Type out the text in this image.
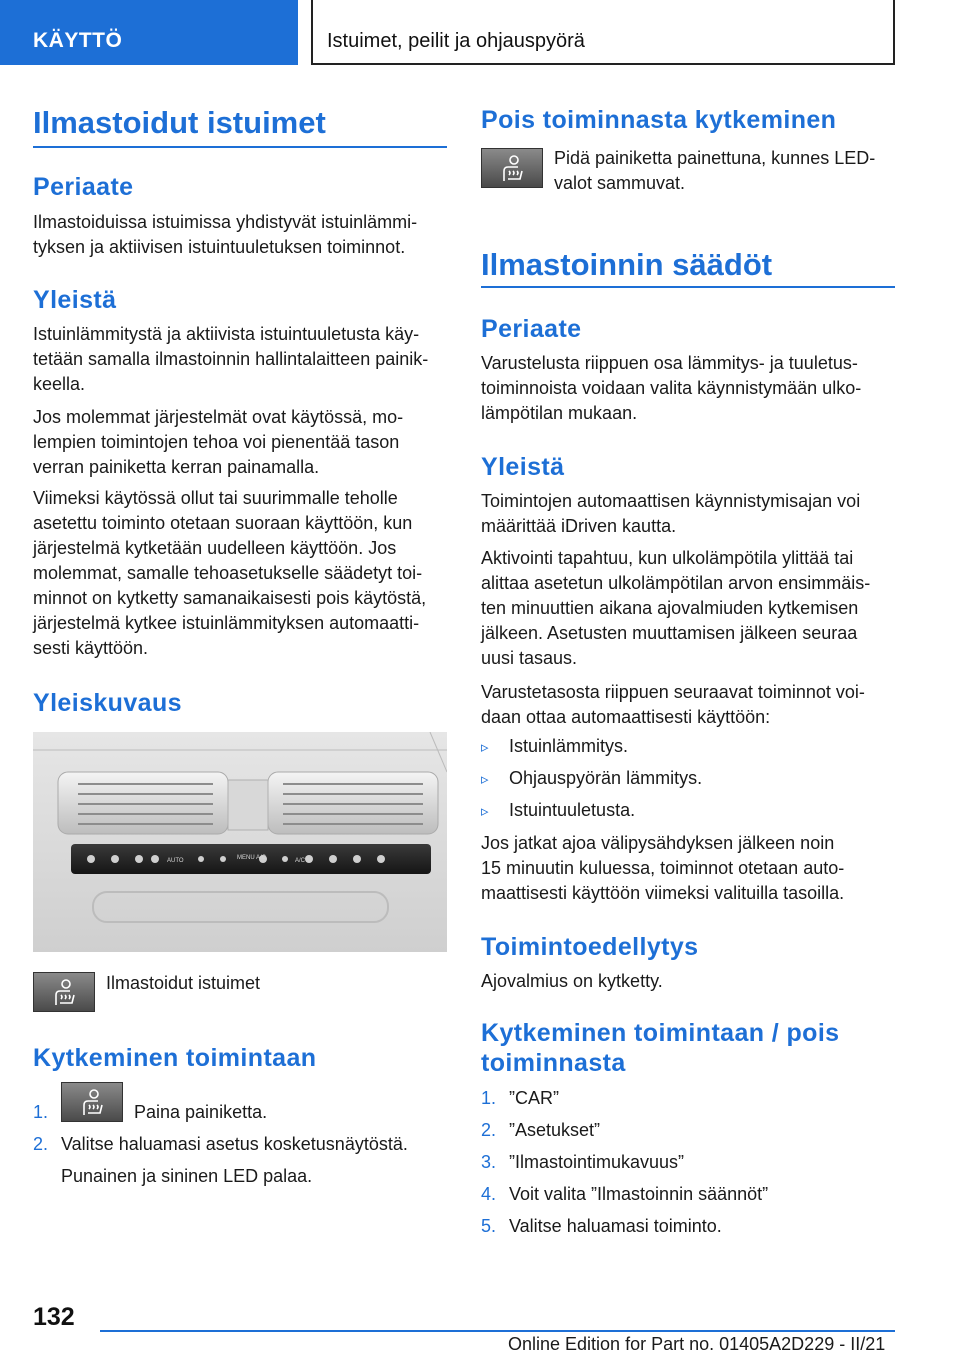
KÄYTTÖ	Istuimet, peilit ja ohjauspyörä
Ilmastoidut istuimet
Periaate
Ilmastoiduissa istuimissa yhdistyvät istuinlämmi‐
tyksen ja aktiivisen istuintuuletuksen toiminnot.
Yleistä
Istuinlämmitystä ja aktiivista istuintuuletusta käy‐
tetään samalla ilmastoinnin hallintalaitteen painik‐
keella.
Jos molemmat järjestelmät ovat käytössä, mo‐
lempien toimintojen tehoa voi pienentää tason
verran painiketta kerran painamalla.
Viimeksi käytössä ollut tai suurimmalle teholle
asetettu toiminto otetaan suoraan käyttöön, kun
järjestelmä kytketään uudelleen käyttöön. Jos
molemmat, samalle tehoasetukselle säädetyt toi‐
minnot on kytketty samanaikaisesti pois käytöstä,
järjestelmä kytkee istuinlämmityksen automaatti‐
sesti käyttöön.
Yleiskuvaus
AUTO	MENU A/C	A/C
Ilmastoidut istuimet
Kytkeminen toimintaan
1.	Paina painiketta.
2. Valitse haluamasi asetus kosketusnäytöstä.
Punainen ja sininen LED palaa.
Pois toiminnasta kytkeminen
Pidä painiketta painettuna, kunnes LED-
valot sammuvat.
Ilmastoinnin säädöt
Periaate
Varustelusta riippuen osa lämmitys- ja tuuletus-
toiminnoista voidaan valita käynnistymään ulko-
lämpötilan mukaan.
Yleistä
Toimintojen automaattisen käynnistymisajan voi
määrittää iDriven kautta.
Aktivointi tapahtuu, kun ulkolämpötila ylittää tai
alittaa asetetun ulkolämpötilan arvon ensimmäis‐
ten minuuttien aikana ajovalmiuden kytkemisen
jälkeen. Asetusten muuttamisen jälkeen seuraa
uusi tasaus.
Varustetasosta riippuen seuraavat toiminnot voi‐
daan ottaa automaattisesti käyttöön:
▹ Istuinlämmitys.
▹ Ohjauspyörän lämmitys.
▹ Istuintuuletusta.
Jos jatkat ajoa välipysähdyksen jälkeen noin
15 minuutin kuluessa, toiminnot otetaan auto‐
maattisesti käyttöön viimeksi valituilla tasoilla.
Toimintoedellytys
Ajovalmius on kytketty.
Kytkeminen toimintaan / pois
toiminnasta
1. ”CAR”
2. ”Asetukset”
3. ”Ilmastointimukavuus”
4. Voit valita ”Ilmastoinnin säännöt”
5. Valitse haluamasi toiminto.
132
Online Edition for Part no. 01405A2D229 - II/21
